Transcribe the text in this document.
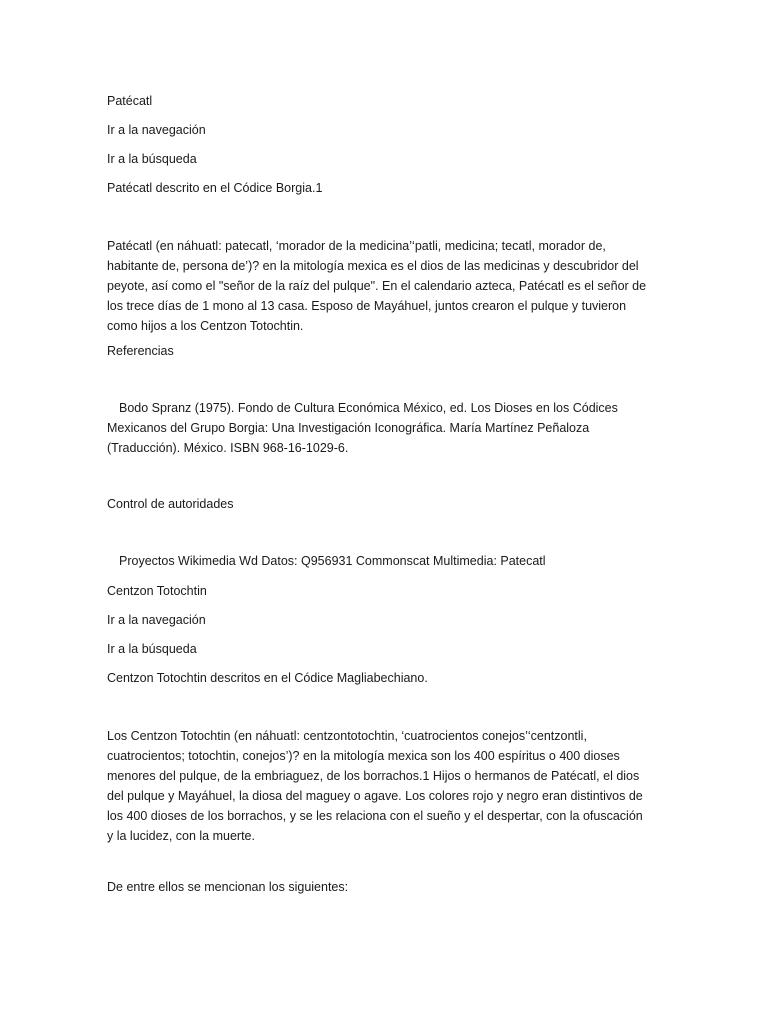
Patécatl

Ir a la navegación

Ir a la búsqueda

Patécatl descrito en el Códice Borgia.1

Patécatl (en náhuatl: patecatl, ‘morador de la medicina’‘patli, medicina; tecatl, morador de, habitante de, persona de’)? en la mitología mexica es el dios de las medicinas y descubridor del peyote, así como el "señor de la raíz del pulque". En el calendario azteca, Patécatl es el señor de los trece días de 1 mono al 13 casa. Esposo de Mayáhuel, juntos crearon el pulque y tuvieron como hijos a los Centzon Totochtin.

Referencias

Bodo Spranz (1975). Fondo de Cultura Económica México, ed. Los Dioses en los Códices Mexicanos del Grupo Borgia: Una Investigación Iconográfica. María Martínez Peñaloza (Traducción). México. ISBN 968-16-1029-6.

Control de autoridades

Proyectos Wikimedia Wd Datos: Q956931 Commonscat Multimedia: Patecatl

Centzon Totochtin

Ir a la navegación

Ir a la búsqueda

Centzon Totochtin descritos en el Códice Magliabechiano.

Los Centzon Totochtin (en náhuatl: centzontotochtin, ‘cuatrocientos conejos’‘centzontli, cuatrocientos; totochtin, conejos’)? en la mitología mexica son los 400 espíritus o 400 dioses menores del pulque, de la embriaguez, de los borrachos.1 Hijos o hermanos de Patécatl, el dios del pulque y Mayáhuel, la diosa del maguey o agave. Los colores rojo y negro eran distintivos de los 400 dioses de los borrachos, y se les relaciona con el sueño y el despertar, con la ofuscación y la lucidez, con la muerte.

De entre ellos se mencionan los siguientes:
